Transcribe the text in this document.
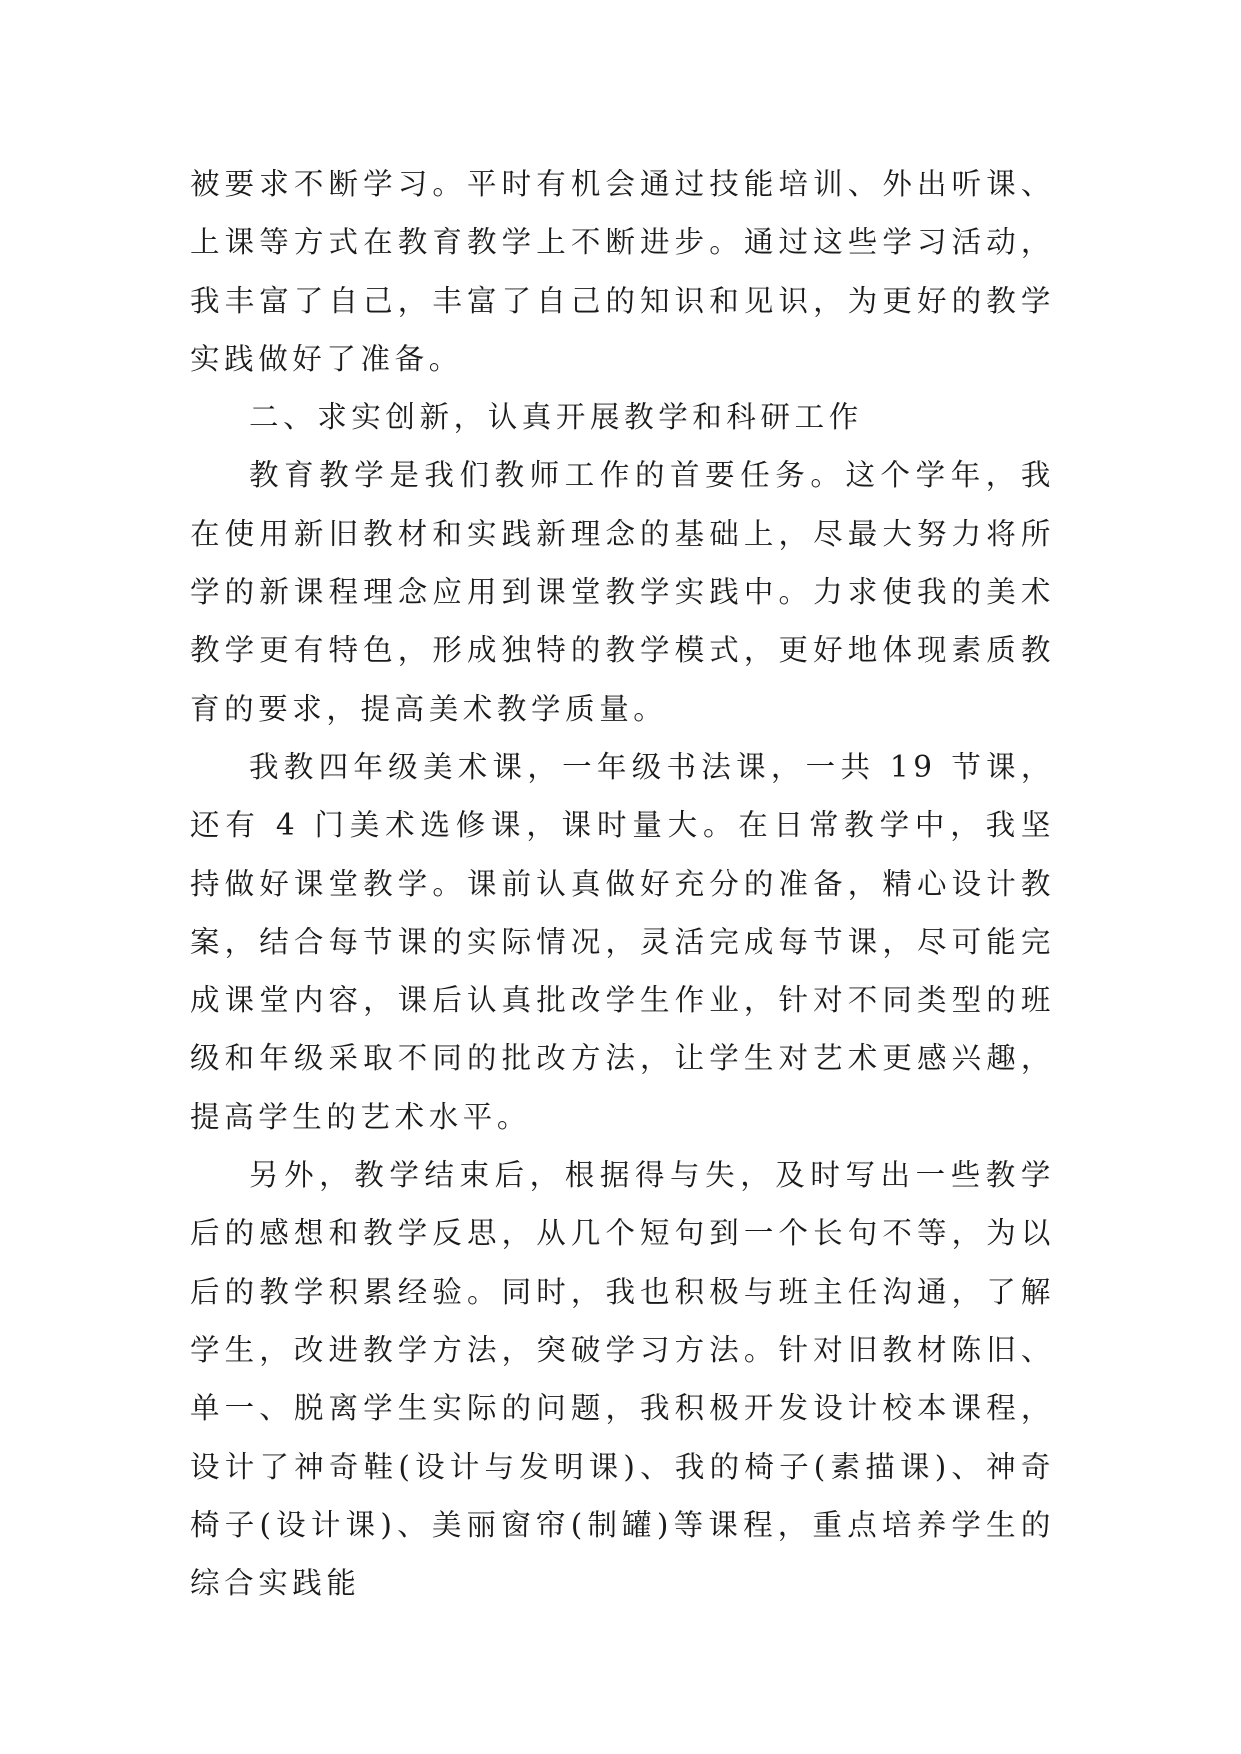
被要求不断学习。平时有机会通过技能培训、外出听课、上课等方式在教育教学上不断进步。通过这些学习活动，我丰富了自己，丰富了自己的知识和见识，为更好的教学实践做好了准备。

二、求实创新，认真开展教学和科研工作

教育教学是我们教师工作的首要任务。这个学年，我在使用新旧教材和实践新理念的基础上，尽最大努力将所学的新课程理念应用到课堂教学实践中。力求使我的美术教学更有特色，形成独特的教学模式，更好地体现素质教育的要求，提高美术教学质量。

我教四年级美术课，一年级书法课，一共 19 节课，还有 4 门美术选修课，课时量大。在日常教学中，我坚持做好课堂教学。课前认真做好充分的准备，精心设计教案，结合每节课的实际情况，灵活完成每节课，尽可能完成课堂内容，课后认真批改学生作业，针对不同类型的班级和年级采取不同的批改方法，让学生对艺术更感兴趣，提高学生的艺术水平。

另外，教学结束后，根据得与失，及时写出一些教学后的感想和教学反思，从几个短句到一个长句不等，为以后的教学积累经验。同时，我也积极与班主任沟通，了解学生，改进教学方法，突破学习方法。针对旧教材陈旧、单一、脱离学生实际的问题，我积极开发设计校本课程，设计了神奇鞋(设计与发明课)、我的椅子(素描课)、神奇椅子(设计课)、美丽窗帘(制罐)等课程，重点培养学生的综合实践能
